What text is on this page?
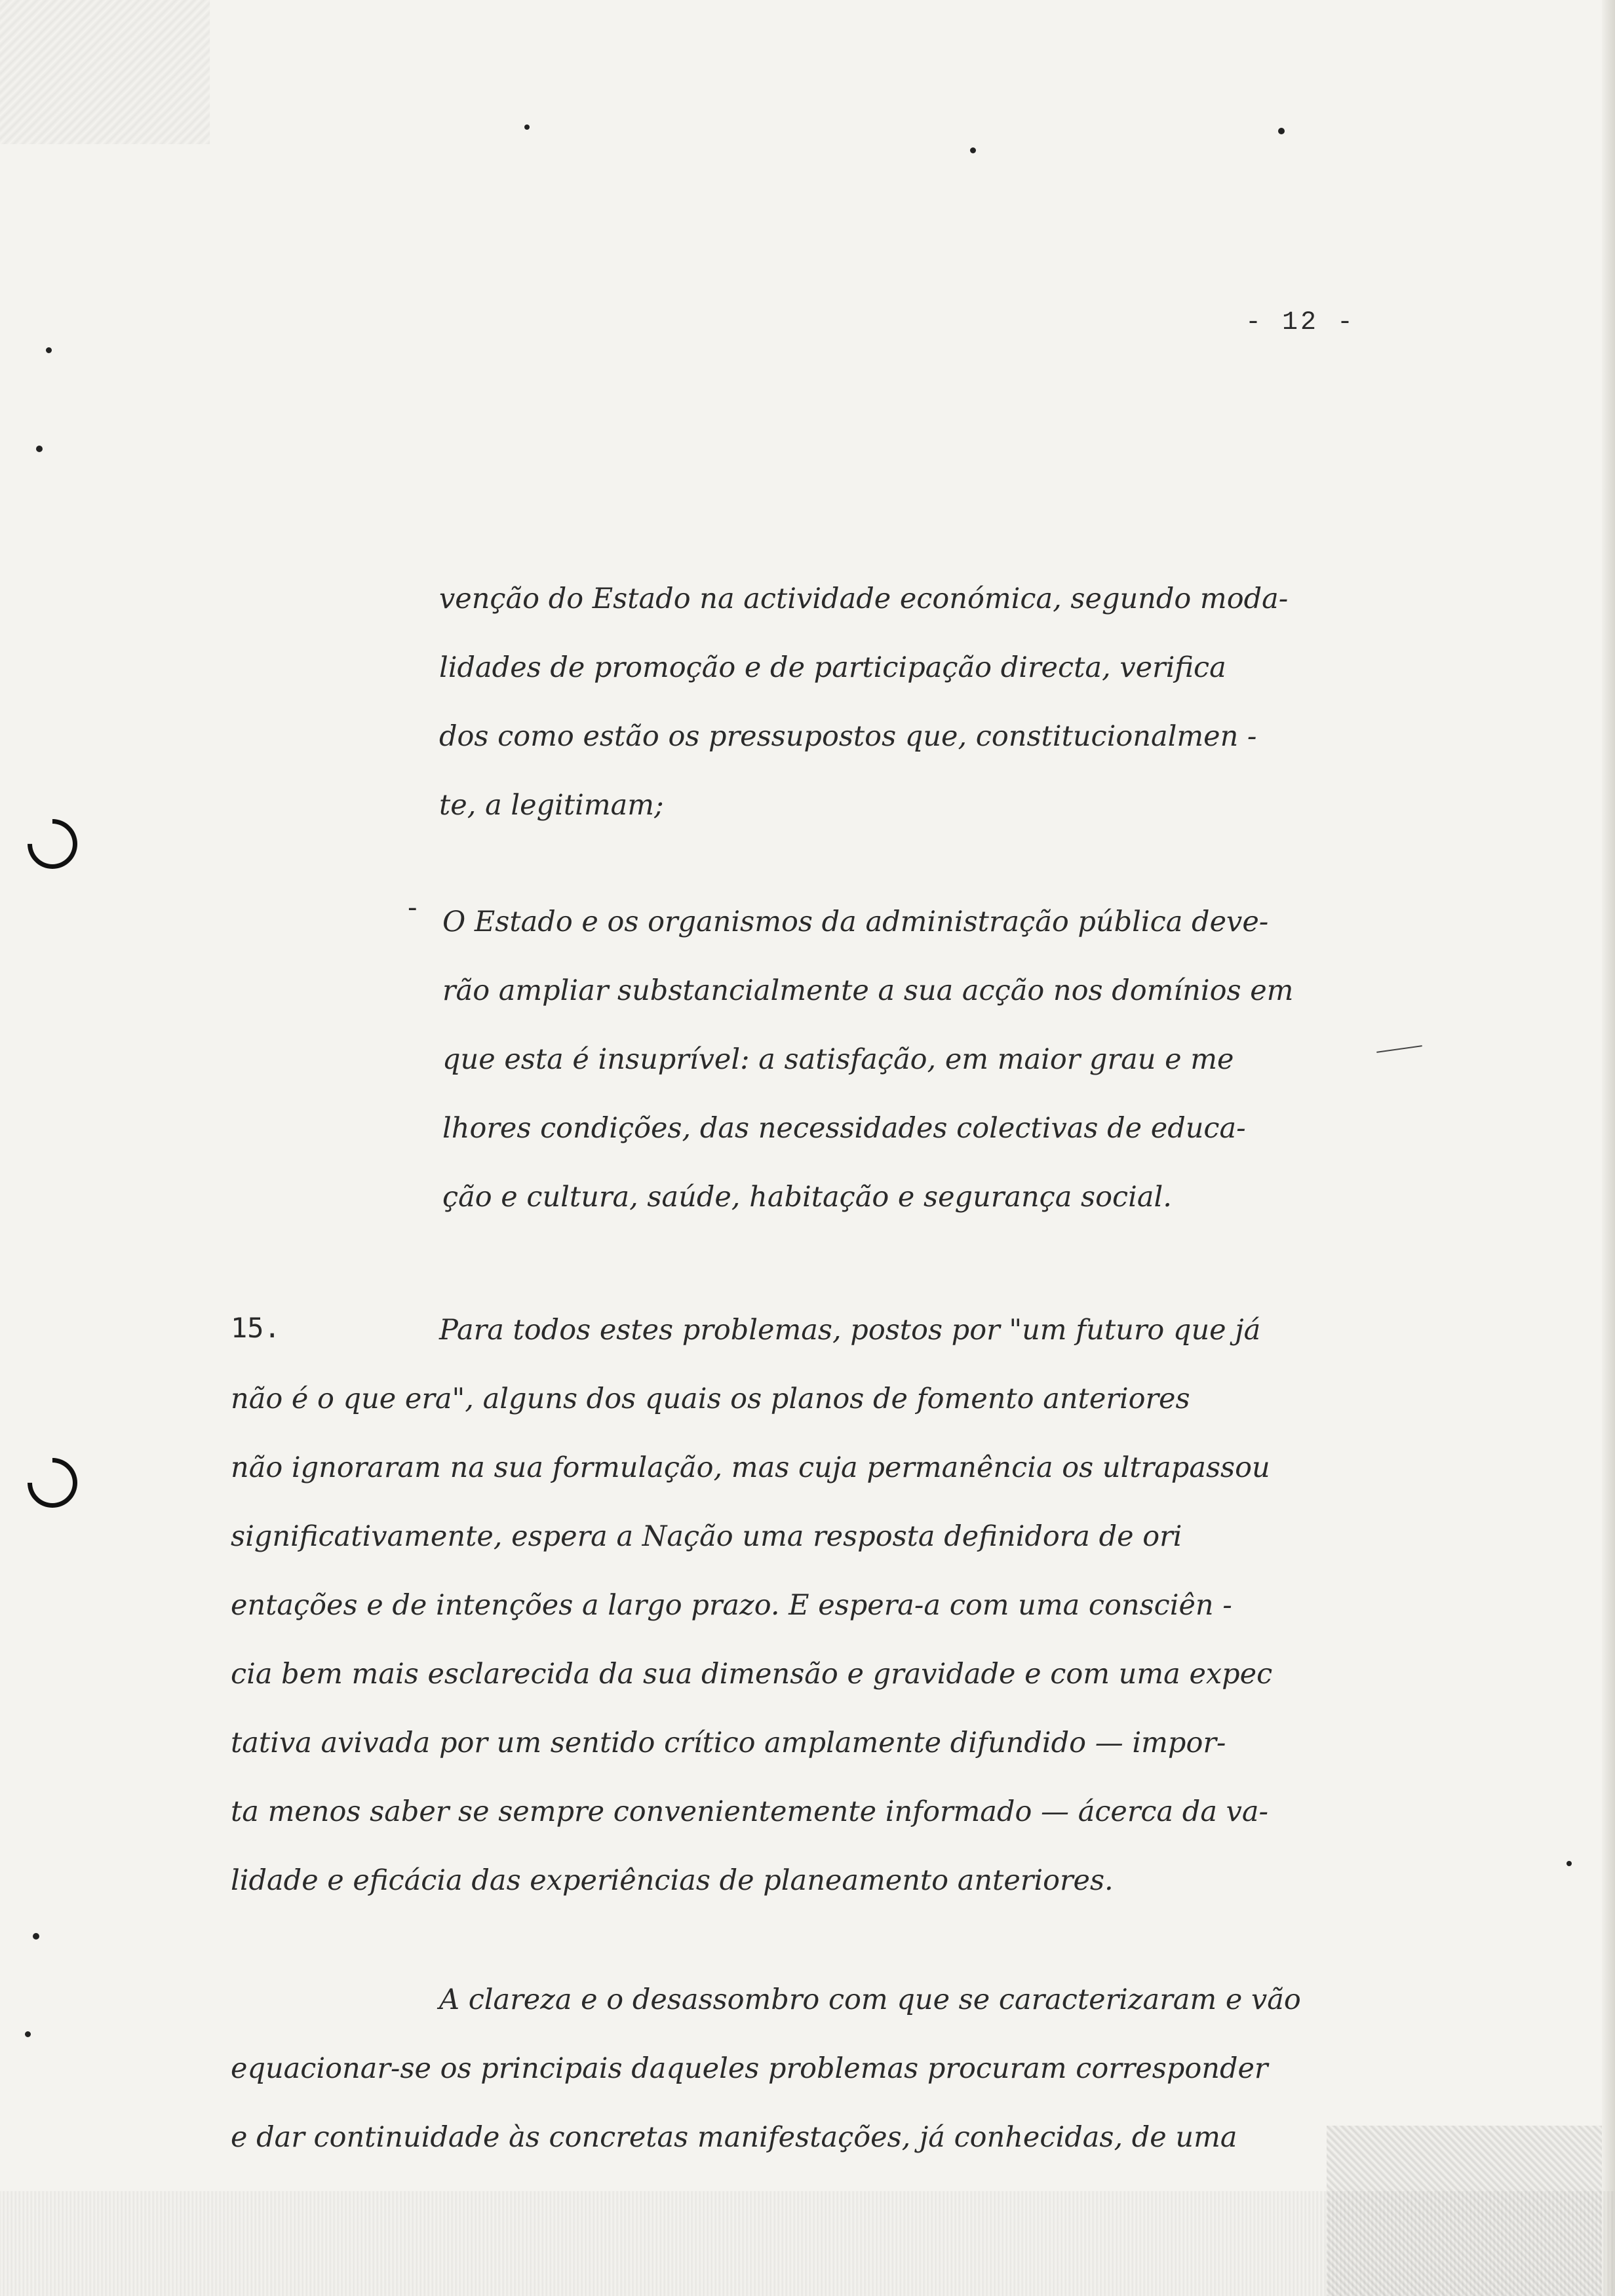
- 12 -
venção do Estado na actividade económica, segundo moda-
lidades de promoção e de participação directa, verifica
dos como estão os pressupostos que, constitucionalmen -
te, a legitimam;
- O Estado e os organismos da administração pública deve-
rão ampliar substancialmente a sua acção nos domínios em
que esta é insuprível: a satisfação, em maior grau e me
lhores condições, das necessidades colectivas de educa-
ção e cultura, saúde, habitação e segurança social.
15.	Para todos estes problemas, postos por "um futuro que já
não é o que era", alguns dos quais os planos de fomento anteriores
não ignoraram na sua formulação, mas cuja permanência os ultrapassou
significativamente, espera a Nação uma resposta definidora de ori
entações e de intenções a largo prazo. E espera-a com uma consciên -
cia bem mais esclarecida da sua dimensão e gravidade e com uma expec
tativa avivada por um sentido crítico amplamente difundido — impor-
ta menos saber se sempre convenientemente informado — ácerca da va-
lidade e eficácia das experiências de planeamento anteriores.
A clareza e o desassombro com que se caracterizaram e vão
equacionar-se os principais daqueles problemas procuram corresponder
e dar continuidade às concretas manifestações, já conhecidas, de uma
